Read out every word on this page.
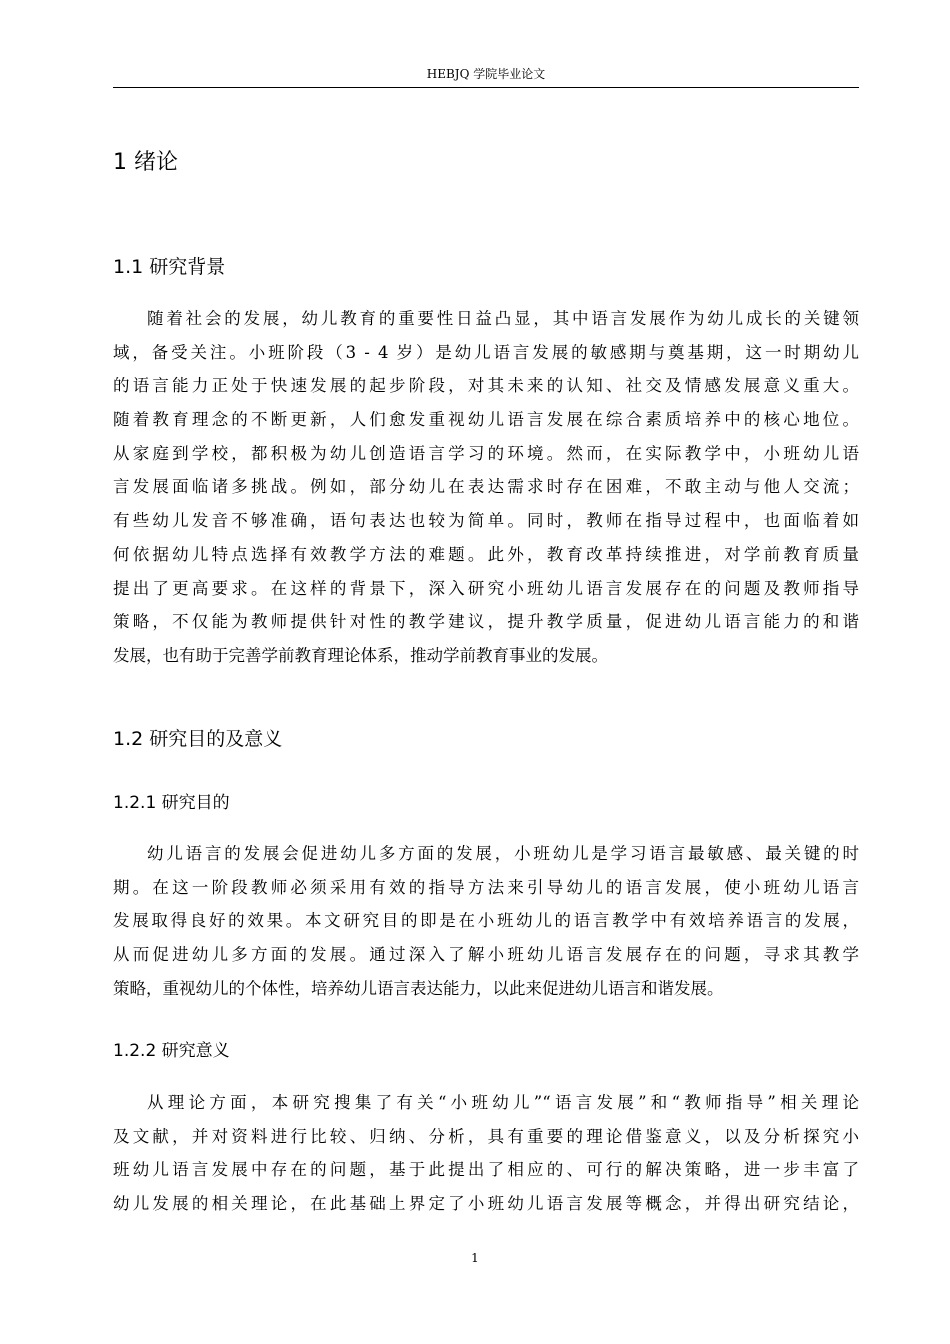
HEBJQ 学院毕业论文
1 绪论
1.1 研究背景
随着社会的发展，幼儿教育的重要性日益凸显，其中语言发展作为幼儿成长的关键领
域，备受关注。小班阶段（3 - 4 岁）是幼儿语言发展的敏感期与奠基期，这一时期幼儿
的语言能力正处于快速发展的起步阶段，对其未来的认知、社交及情感发展意义重大。
随着教育理念的不断更新，人们愈发重视幼儿语言发展在综合素质培养中的核心地位。
从家庭到学校，都积极为幼儿创造语言学习的环境。然而，在实际教学中，小班幼儿语
言发展面临诸多挑战。例如，部分幼儿在表达需求时存在困难，不敢主动与他人交流；
有些幼儿发音不够准确，语句表达也较为简单。同时，教师在指导过程中，也面临着如
何依据幼儿特点选择有效教学方法的难题。此外，教育改革持续推进，对学前教育质量
提出了更高要求。在这样的背景下，深入研究小班幼儿语言发展存在的问题及教师指导
策略，不仅能为教师提供针对性的教学建议，提升教学质量，促进幼儿语言能力的和谐
发展，也有助于完善学前教育理论体系，推动学前教育事业的发展。
1.2 研究目的及意义
1.2.1 研究目的
幼儿语言的发展会促进幼儿多方面的发展，小班幼儿是学习语言最敏感、最关键的时
期。在这一阶段教师必须采用有效的指导方法来引导幼儿的语言发展，使小班幼儿语言
发展取得良好的效果。本文研究目的即是在小班幼儿的语言教学中有效培养语言的发展，
从而促进幼儿多方面的发展。通过深入了解小班幼儿语言发展存在的问题，寻求其教学
策略，重视幼儿的个体性，培养幼儿语言表达能力，以此来促进幼儿语言和谐发展。
1.2.2 研究意义
从理论方面，本研究搜集了有关“小班幼儿”“语言发展”和“教师指导”相关理论
及文献，并对资料进行比较、归纳、分析，具有重要的理论借鉴意义，以及分析探究小
班幼儿语言发展中存在的问题，基于此提出了相应的、可行的解决策略，进一步丰富了
幼儿发展的相关理论，在此基础上界定了小班幼儿语言发展等概念，并得出研究结论，
1
